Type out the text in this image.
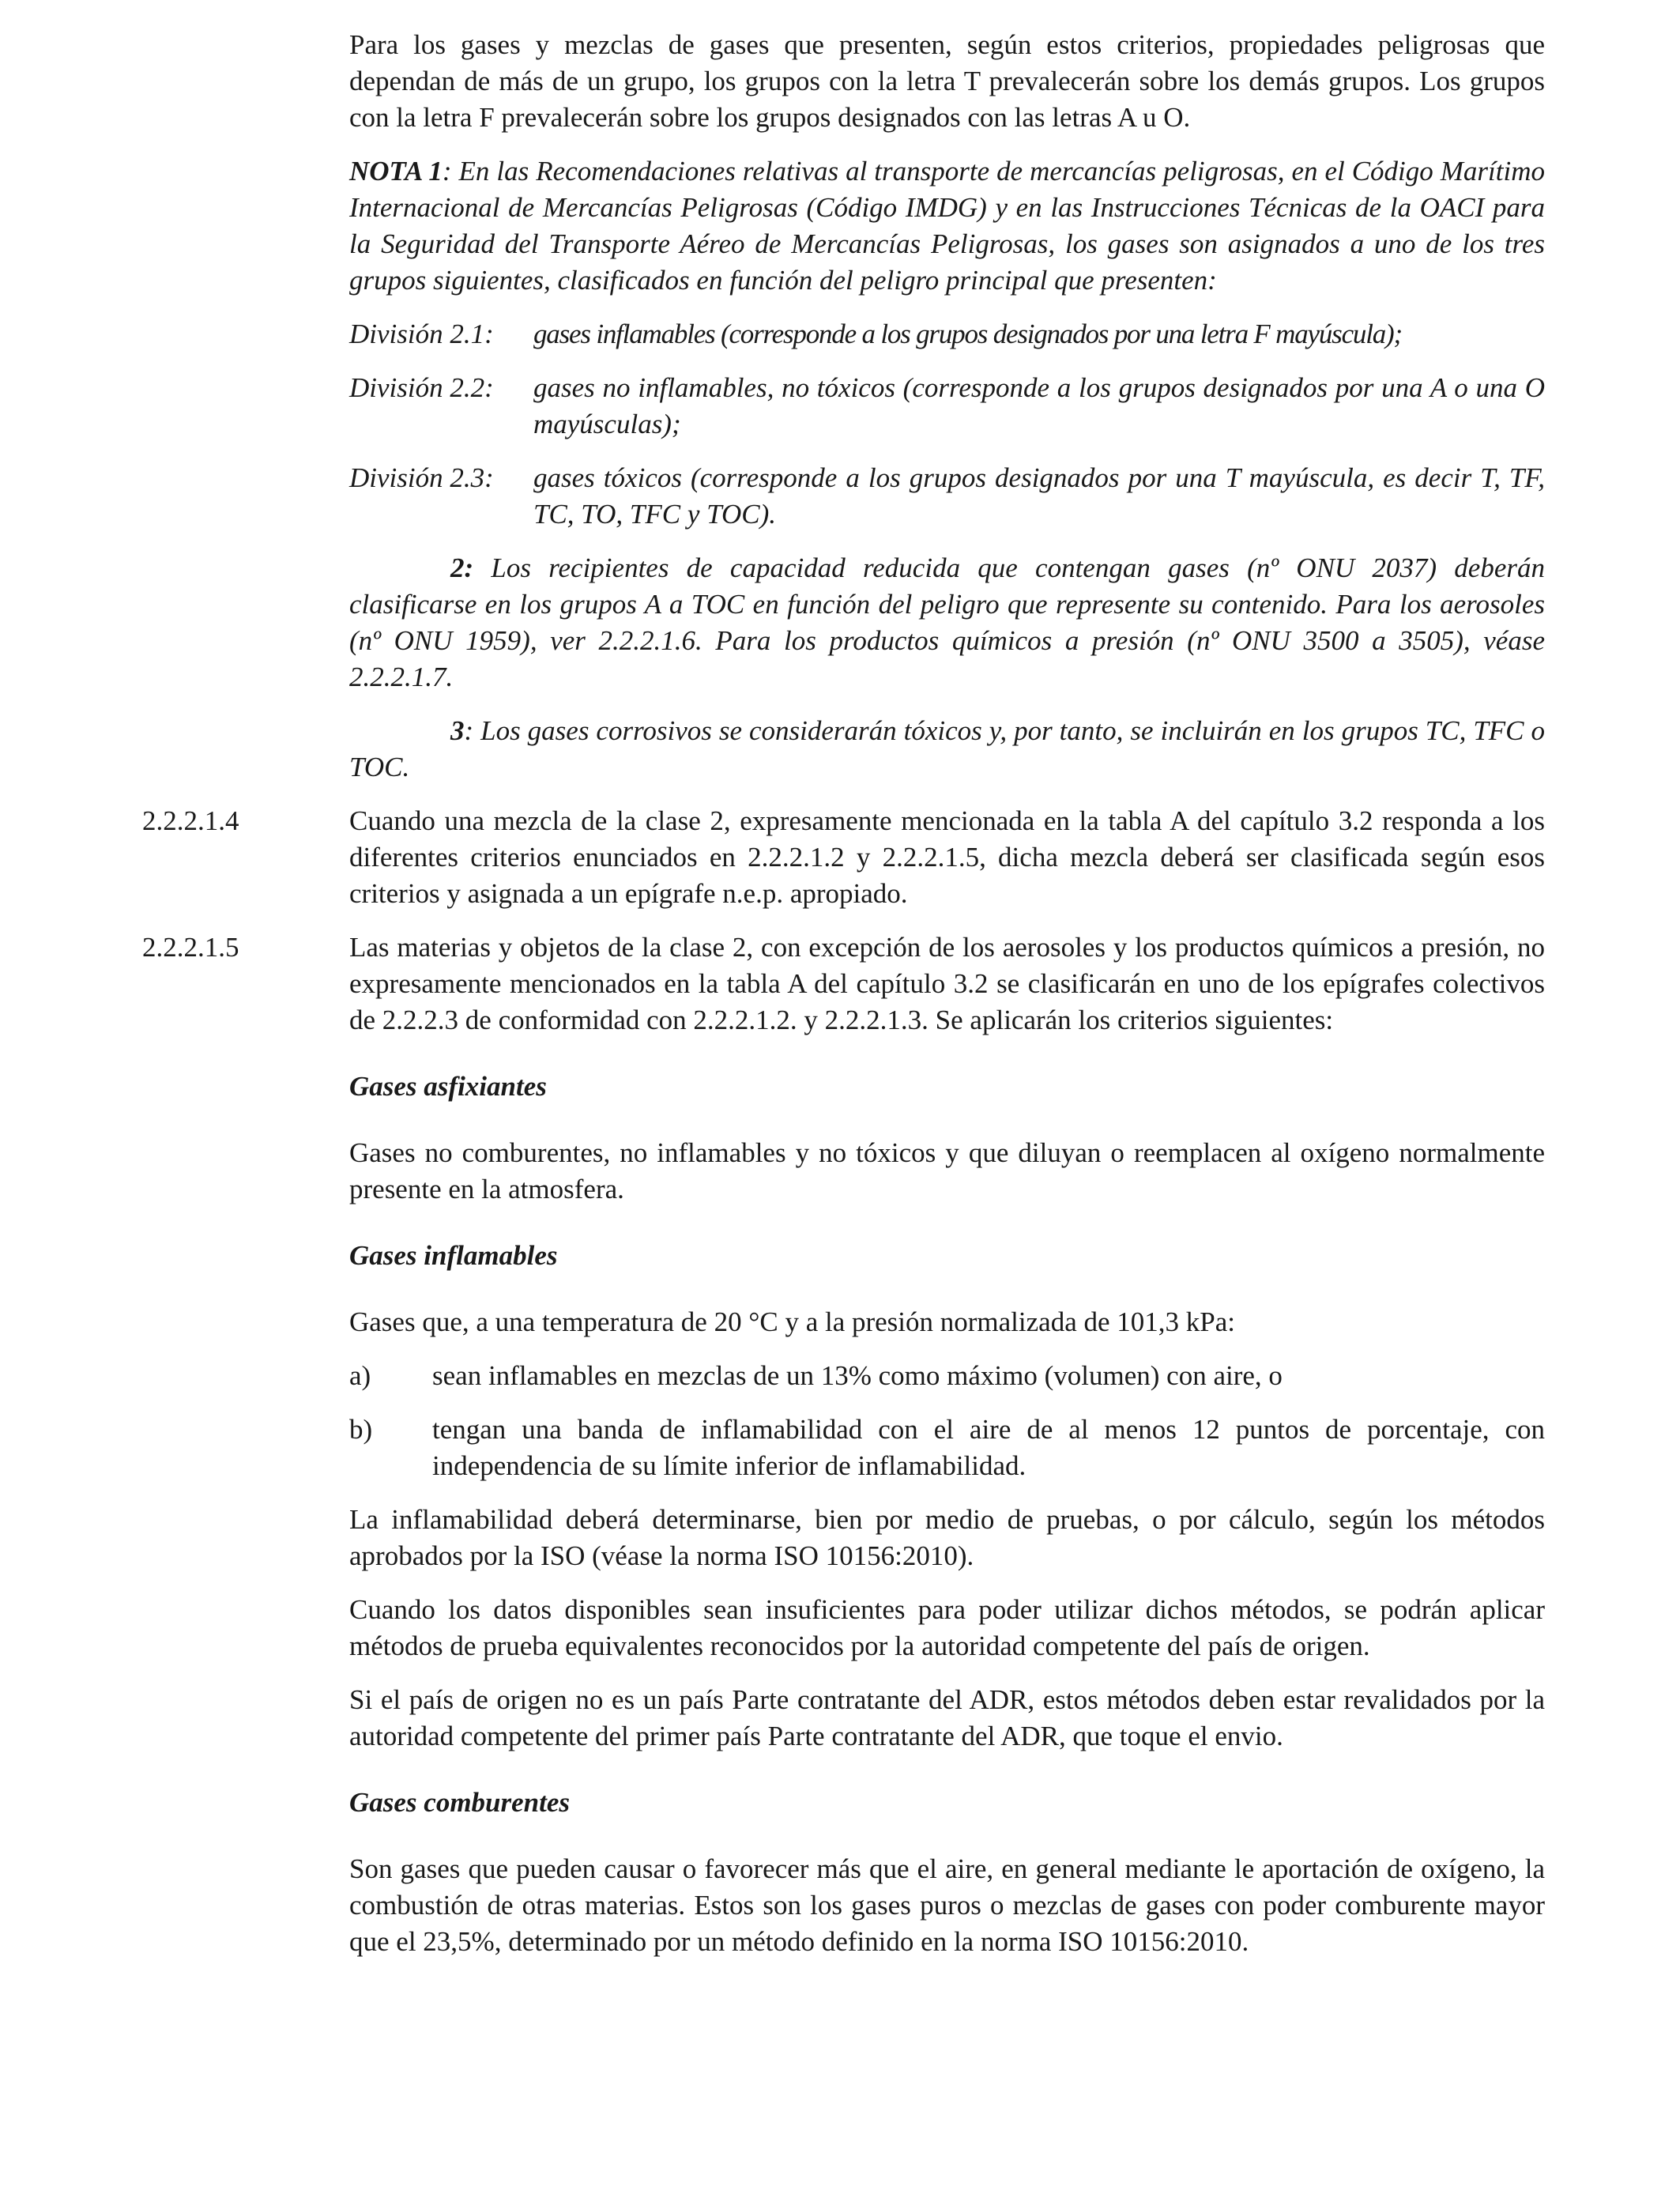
Para los gases y mezclas de gases que presenten, según estos criterios, propiedades peligrosas que dependan de más de un grupo, los grupos con la letra T prevalecerán sobre los demás grupos. Los grupos con la letra F prevalecerán sobre los grupos designados con las letras A u O.

NOTA 1: En las Recomendaciones relativas al transporte de mercancías peligrosas, en el Código Marítimo Internacional de Mercancías Peligrosas (Código IMDG) y en las Instrucciones Técnicas de la OACI para la Seguridad del Transporte Aéreo de Mercancías Peligrosas, los gases son asignados a uno de los tres grupos siguientes, clasificados en función del peligro principal que presenten:

División 2.1:	gases inflamables (corresponde a los grupos designados por una letra F mayúscula);
División 2.2:	gases no inflamables, no tóxicos (corresponde a los grupos designados por una A o una O mayúsculas);
División 2.3:	gases tóxicos (corresponde a los grupos designados por una T mayúscula, es decir T, TF, TC, TO, TFC y TOC).

2: Los recipientes de capacidad reducida que contengan gases (nº ONU 2037) deberán clasificarse en los grupos A a TOC en función del peligro que represente su contenido. Para los aerosoles (nº ONU 1959), ver 2.2.2.1.6. Para los productos químicos a presión (nº ONU 3500 a 3505), véase 2.2.2.1.7.

3: Los gases corrosivos se considerarán tóxicos y, por tanto, se incluirán en los grupos TC, TFC o TOC.

2.2.2.1.4	Cuando una mezcla de la clase 2, expresamente mencionada en la tabla A del capítulo 3.2 responda a los diferentes criterios enunciados en 2.2.2.1.2 y 2.2.2.1.5, dicha mezcla deberá ser clasificada según esos criterios y asignada a un epígrafe n.e.p. apropiado.

2.2.2.1.5	Las materias y objetos de la clase 2, con excepción de los aerosoles y los productos químicos a presión, no expresamente mencionados en la tabla A del capítulo 3.2 se clasificarán en uno de los epígrafes colectivos de 2.2.2.3 de conformidad con 2.2.2.1.2. y 2.2.2.1.3. Se aplicarán los criterios siguientes:

Gases asfixiantes

Gases no comburentes, no inflamables y no tóxicos y que diluyan o reemplacen al oxígeno normalmente presente en la atmosfera.

Gases inflamables

Gases que, a una temperatura de 20 °C y a la presión normalizada de 101,3 kPa:

a)	sean inflamables en mezclas de un 13% como máximo (volumen) con aire, o
b)	tengan una banda de inflamabilidad con el aire de al menos 12 puntos de porcentaje, con independencia de su límite inferior de inflamabilidad.

La inflamabilidad deberá determinarse, bien por medio de pruebas, o por cálculo, según los métodos aprobados por la ISO (véase la norma ISO 10156:2010).

Cuando los datos disponibles sean insuficientes para poder utilizar dichos métodos, se podrán aplicar métodos de prueba equivalentes reconocidos por la autoridad competente del país de origen.

Si el país de origen no es un país Parte contratante del ADR, estos métodos deben estar revalidados por la autoridad competente del primer país Parte contratante del ADR, que toque el envio.

Gases comburentes

Son gases que pueden causar o favorecer más que el aire, en general mediante le aportación de oxígeno, la combustión de otras materias. Estos son los gases puros o mezclas de gases con poder comburente mayor que el 23,5%, determinado por un método definido en la norma ISO 10156:2010.
